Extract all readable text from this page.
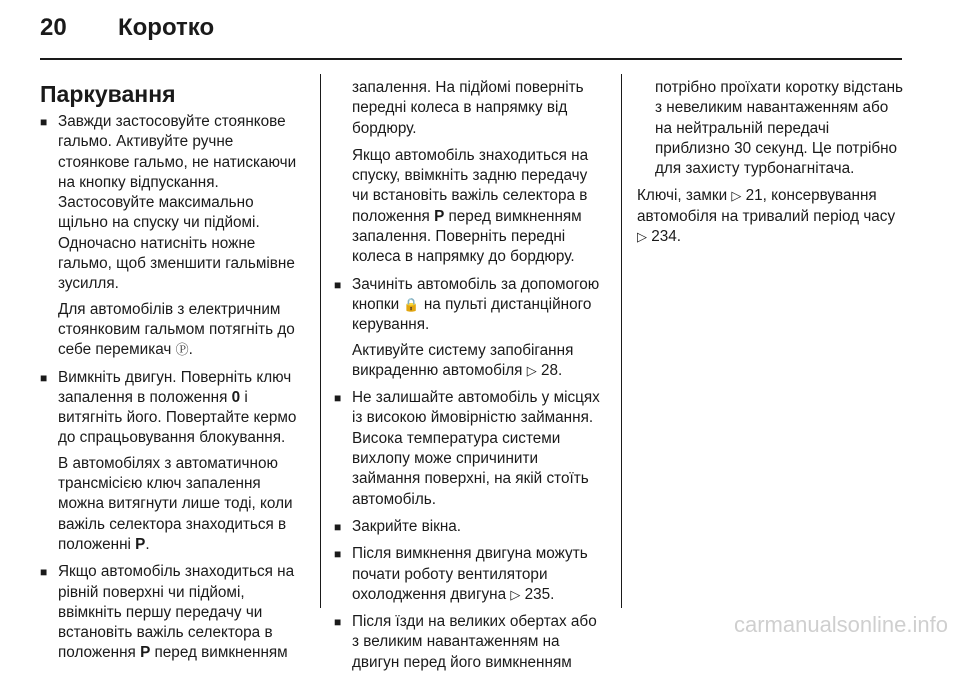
20 Коротко
Паркування
■ Завжди застосовуйте стоянкове гальмо. Активуйте ручне стоянкове гальмо, не натискаючи на кнопку відпускання. Застосовуйте максимально щільно на спуску чи підйомі. Одночасно натисніть ножне гальмо, щоб зменшити гальмівне зусилля.
Для автомобілів з електричним стоянковим гальмом потягніть до себе перемикач Ⓟ.
■ Вимкніть двигун. Поверніть ключ запалення в положення 0 і витягніть його. Повертайте кермо до спрацьовування блокування.
В автомобілях з автоматичною трансмісією ключ запалення можна витягнути лише тоді, коли важіль селектора знаходиться в положенні P.
■ Якщо автомобіль знаходиться на рівній поверхні чи підйомі, ввімкніть першу передачу чи встановіть важіль селектора в положення P перед вимкненням
запалення. На підйомі поверніть передні колеса в напрямку від бордюру.
Якщо автомобіль знаходиться на спуску, ввімкніть задню передачу чи встановіть важіль селектора в положення P перед вимкненням запалення. Поверніть передні колеса в напрямку до бордюру.
■ Зачиніть автомобіль за допомогою кнопки 🔒 на пульті дистанційного керування.
Активуйте систему запобігання викраденню автомобіля ▷ 28.
■ Не залишайте автомобіль у місцях із високою ймовірністю займання. Висока температура системи вихлопу може спричинити займання поверхні, на якій стоїть автомобіль.
■ Закрийте вікна.
■ Після вимкнення двигуна можуть почати роботу вентилятори охолодження двигуна ▷ 235.
■ Після їзди на великих обертах або з великим навантаженням на двигун перед його вимкненням
потрібно проїхати коротку відстань з невеликим навантаженням або на нейтральній передачі приблизно 30 секунд. Це потрібно для захисту турбонагнітача.
Ключі, замки ▷ 21, консервування автомобіля на тривалий період часу ▷ 234.
carmanualsonline.info
